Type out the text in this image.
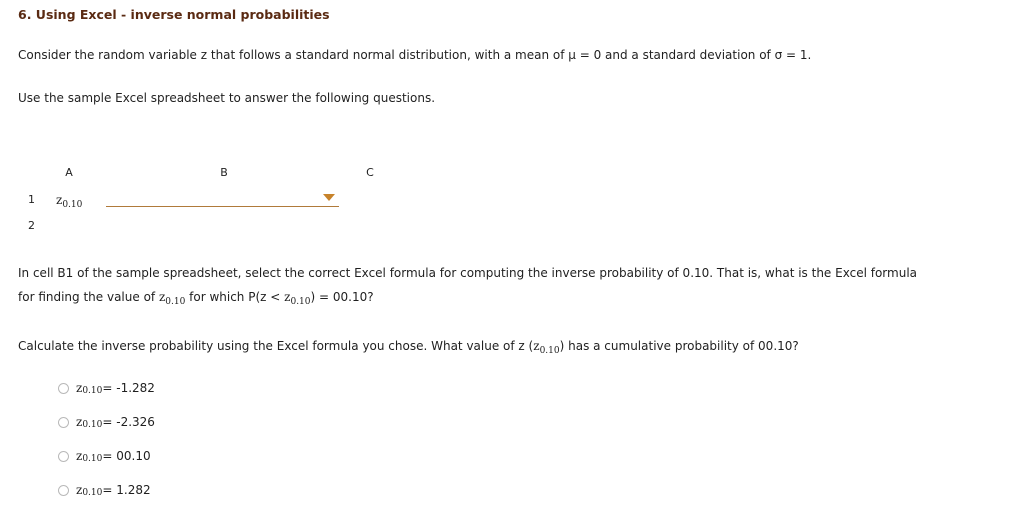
6. Using Excel - inverse normal probabilities
Consider the random variable z that follows a standard normal distribution, with a mean of μ = 0 and a standard deviation of σ = 1.
Use the sample Excel spreadsheet to answer the following questions.
A	B	C
1
2
$z_{0.10}$
In cell B1 of the sample spreadsheet, select the correct Excel formula for computing the inverse probability of 0.10. That is, what is the Excel formula
for finding the value of $z_{0.10}$ for which $P(z < z_{0.10}) = 00.10$?
Calculate the inverse probability using the Excel formula you chose. What value of z $(z_{0.10})$ has a cumulative probability of 00.10?
z 0.10 = -1.282
z 0.10 = -2.326
z 0.10 = 00.10
z 0.10 = 1.282
